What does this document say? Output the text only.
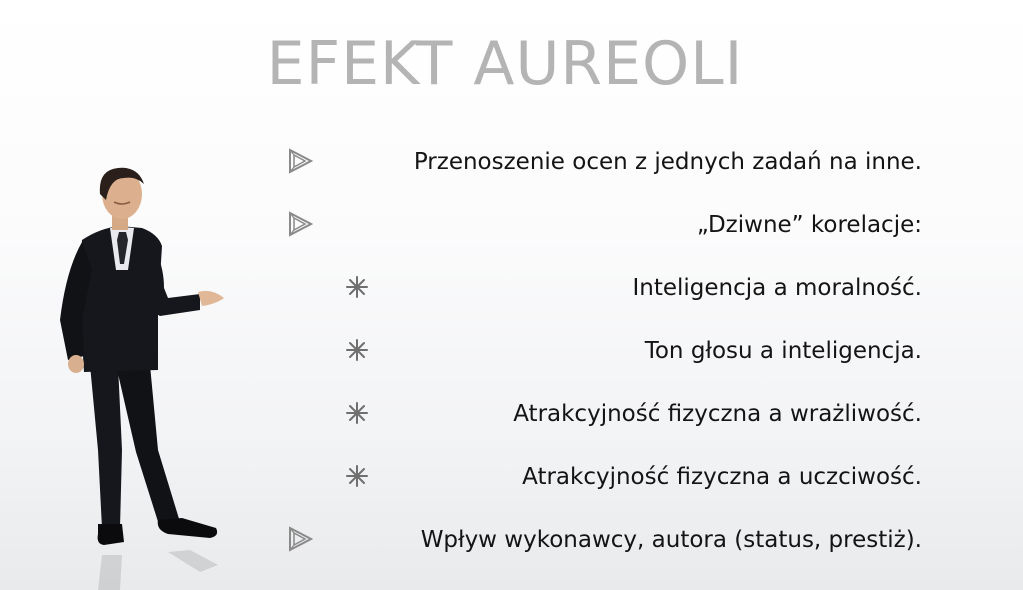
EFEKT AUREOLI
Przenoszenie ocen z jednych zadań na inne.
„Dziwne” korelacje:
Inteligencja a moralność.
Ton głosu a inteligencja.
Atrakcyjność fizyczna a wrażliwość.
Atrakcyjność fizyczna a uczciwość.
Wpływ wykonawcy, autora (status, prestiż).
